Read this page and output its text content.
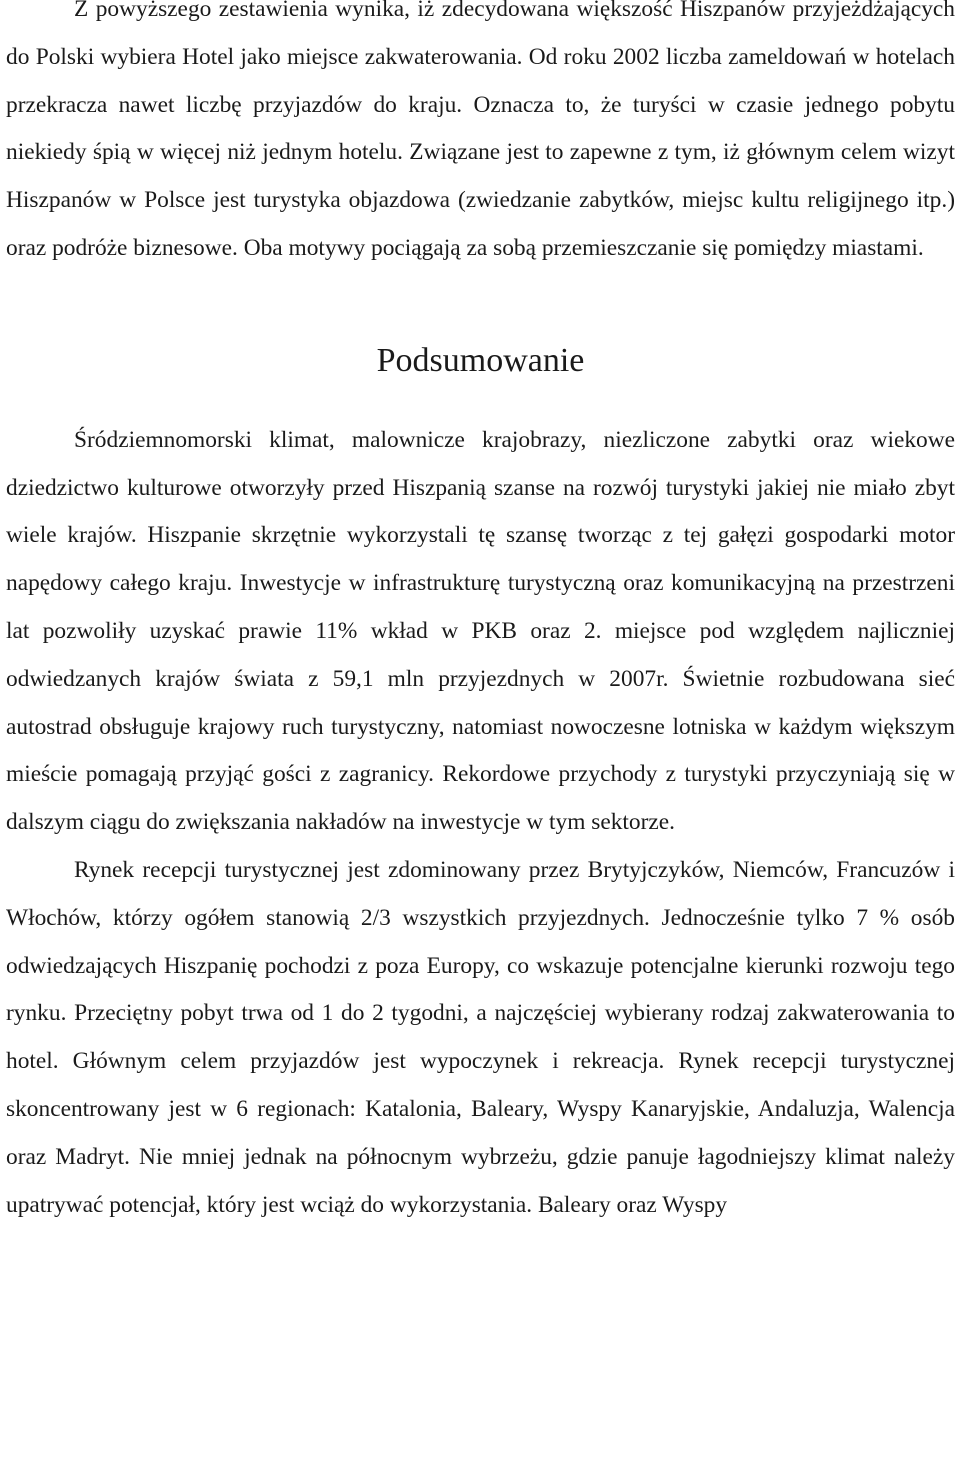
Z powyższego zestawienia wynika, iż zdecydowana większość Hiszpanów przyjeżdżających do Polski wybiera Hotel jako miejsce zakwaterowania. Od roku 2002 liczba zameldowań w hotelach przekracza nawet liczbę przyjazdów do kraju. Oznacza to, że turyści w czasie jednego pobytu niekiedy śpią w więcej niż jednym hotelu. Związane jest to zapewne z tym, iż głównym celem wizyt Hiszpanów w Polsce jest turystyka objazdowa (zwiedzanie zabytków, miejsc kultu religijnego itp.) oraz podróże biznesowe. Oba motywy pociągają za sobą przemieszczanie się pomiędzy miastami.

Podsumowanie

Śródziemnomorski klimat, malownicze krajobrazy, niezliczone zabytki oraz wiekowe dziedzictwo kulturowe otworzyły przed Hiszpanią szanse na rozwój turystyki jakiej nie miało zbyt wiele krajów. Hiszpanie skrzętnie wykorzystali tę szansę tworząc z tej gałęzi gospodarki motor napędowy całego kraju. Inwestycje w infrastrukturę turystyczną oraz komunikacyjną na przestrzeni lat pozwoliły uzyskać prawie 11% wkład w PKB oraz 2. miejsce pod względem najliczniej odwiedzanych krajów świata z 59,1 mln przyjezdnych w 2007r. Świetnie rozbudowana sieć autostrad obsługuje krajowy ruch turystyczny, natomiast nowoczesne lotniska w każdym większym mieście pomagają przyjąć gości z zagranicy. Rekordowe przychody z turystyki przyczyniają się w dalszym ciągu do zwiększania nakładów na inwestycje w tym sektorze.

Rynek recepcji turystycznej jest zdominowany przez Brytyjczyków, Niemców, Francuzów i Włochów, którzy ogółem stanowią 2/3 wszystkich przyjezdnych. Jednocześnie tylko 7 % osób odwiedzających Hiszpanię pochodzi z poza Europy, co wskazuje potencjalne kierunki rozwoju tego rynku. Przeciętny pobyt trwa od 1 do 2 tygodni, a najczęściej wybierany rodzaj zakwaterowania to hotel. Głównym celem przyjazdów jest wypoczynek i rekreacja. Rynek recepcji turystycznej skoncentrowany jest w 6 regionach: Katalonia, Baleary, Wyspy Kanaryjskie, Andaluzja, Walencja oraz Madryt. Nie mniej jednak na północnym wybrzeżu, gdzie panuje łagodniejszy klimat należy upatrywać potencjał, który jest wciąż do wykorzystania. Baleary oraz Wyspy
